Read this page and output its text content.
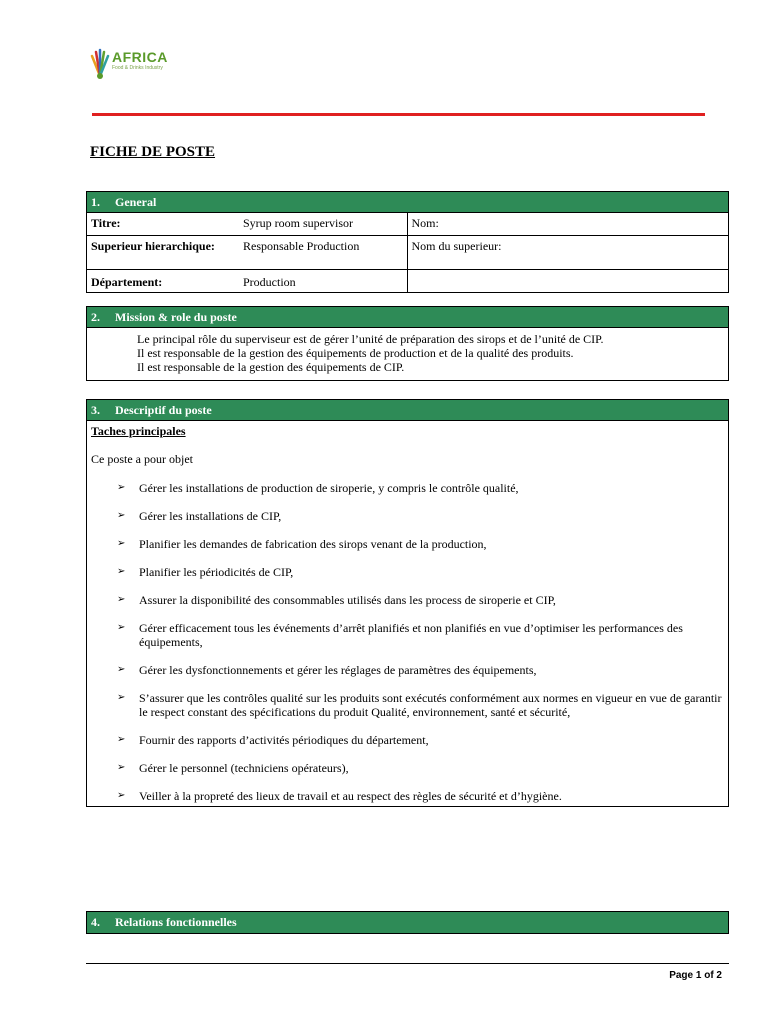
AFRICA
Food & Drinks Industry
FICHE DE POSTE
1. General
Titre:	Syrup room supervisor	Nom:
Superieur hierarchique:	Responsable Production	Nom du superieur:
Département:	Production	
2. Mission & role du poste
Le principal rôle du superviseur est de gérer l’unité de préparation des sirops et de l’unité de CIP.
Il est responsable de la gestion des équipements de production et de la qualité des produits.
Il est responsable de la gestion des équipements de CIP.
3. Descriptif du poste
Taches principales
Ce poste a pour objet
➢ Gérer les installations de production de siroperie, y compris le contrôle qualité,
➢ Gérer les installations de CIP,
➢ Planifier les demandes de fabrication des sirops venant de la production,
➢ Planifier les périodicités de CIP,
➢ Assurer la disponibilité des consommables utilisés dans les process de siroperie et CIP,
➢ Gérer efficacement tous les événements d’arrêt planifiés et non planifiés en vue d’optimiser les performances des équipements,
➢ Gérer les dysfonctionnements et gérer les réglages de paramètres des équipements,
➢ S’assurer que les contrôles qualité sur les produits sont exécutés conformément aux normes en vigueur en vue de garantir le respect constant des spécifications du produit Qualité, environnement, santé et sécurité,
➢ Fournir des rapports d’activités périodiques du département,
➢ Gérer le personnel (techniciens opérateurs),
➢ Veiller à la propreté des lieux de travail et au respect des règles de sécurité et d’hygiène.
4. Relations fonctionnelles
Page 1 of 2
